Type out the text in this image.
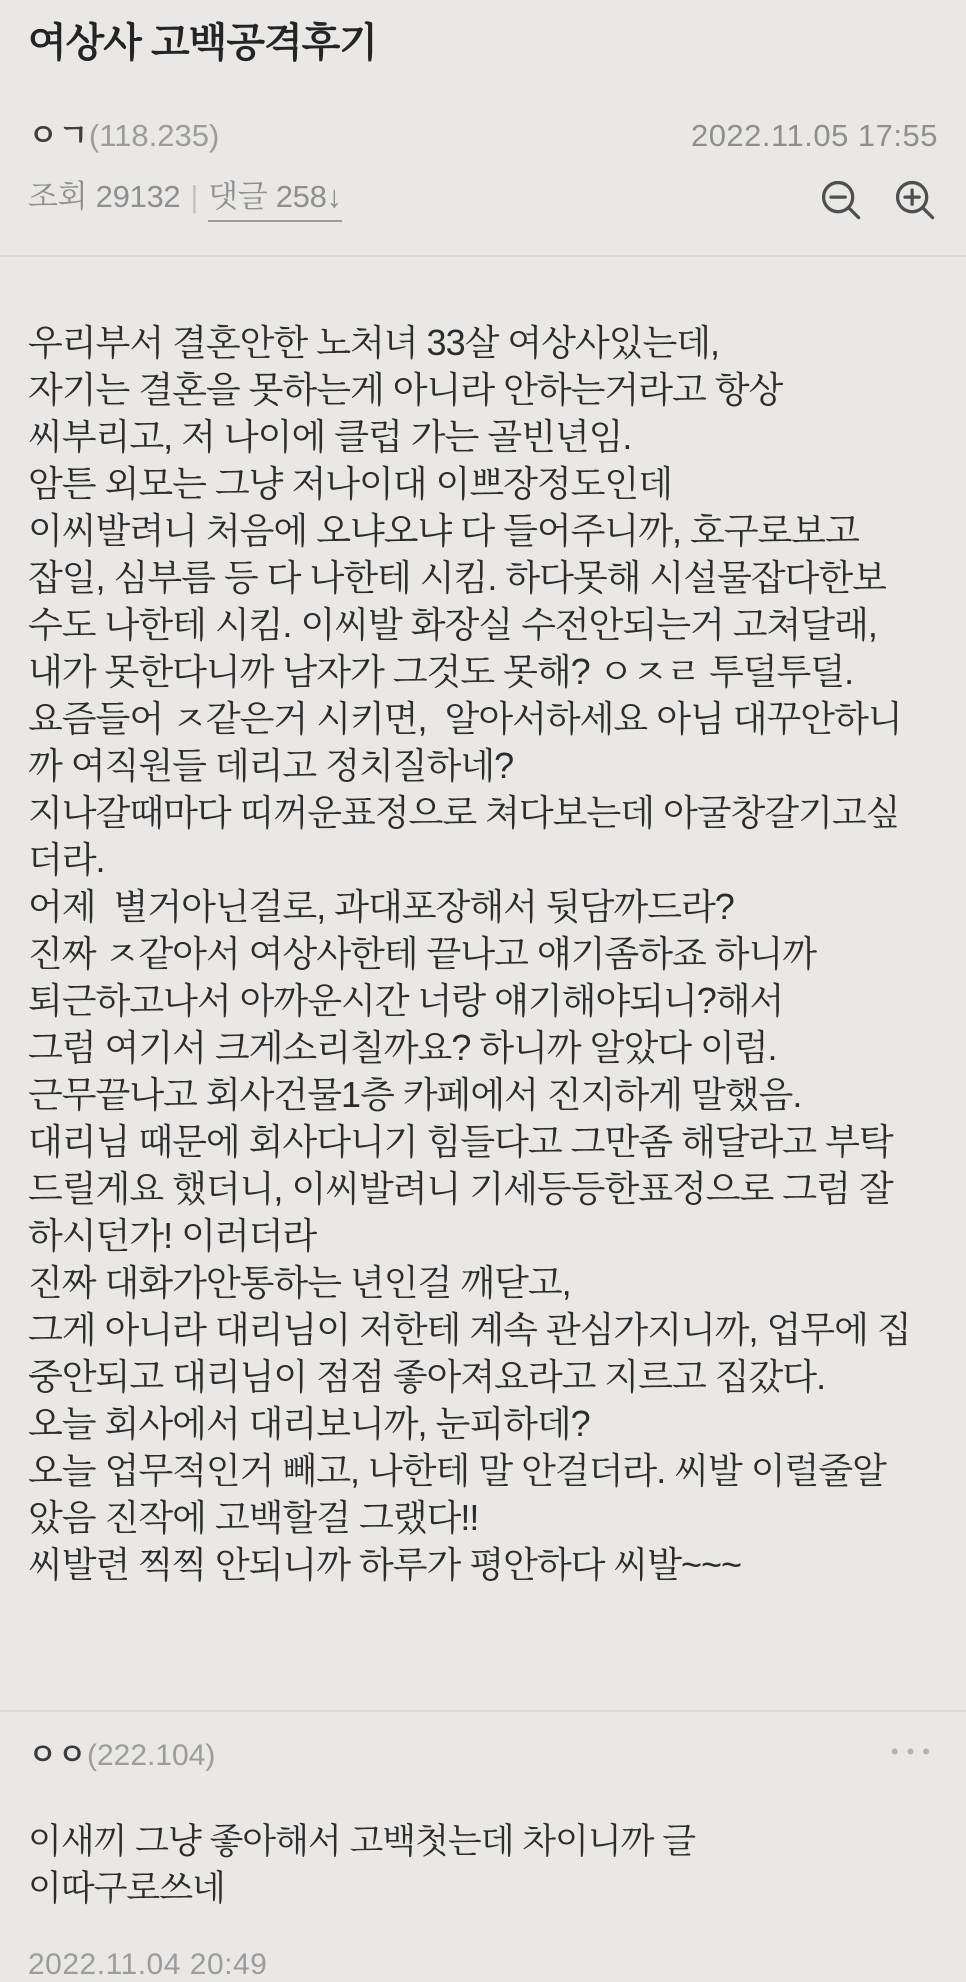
여상사 고백공격후기
ㅇㄱ(118.235)	2022.11.05 17:55
조회 29132 | 댓글 258↓
우리부서 결혼안한 노처녀 33살 여상사있는데,
자기는 결혼을 못하는게 아니라 안하는거라고 항상
씨부리고, 저 나이에 클럽 가는 골빈년임.
암튼 외모는 그냥 저나이대 이쁘장정도인데
이씨발려니 처음에 오냐오냐 다 들어주니까, 호구로보고
잡일, 심부름 등 다 나한테 시킴. 하다못해 시설물잡다한보
수도 나한테 시킴. 이씨발 화장실 수전안되는거 고쳐달래,
내가 못한다니까 남자가 그것도 못해? ㅇㅈㄹ 투덜투덜.
요즘들어 ㅈ같은거 시키면,  알아서하세요 아님 대꾸안하니
까 여직원들 데리고 정치질하네?
지나갈때마다 띠꺼운표정으로 쳐다보는데 아굴창갈기고싶
더라.
어제  별거아닌걸로, 과대포장해서 뒷담까드라?
진짜 ㅈ같아서 여상사한테 끝나고 얘기좀하죠 하니까
퇴근하고나서 아까운시간 너랑 얘기해야되니?해서
그럼 여기서 크게소리칠까요? 하니까 알았다 이럼.
근무끝나고 회사건물1층 카페에서 진지하게 말했음.
대리님 때문에 회사다니기 힘들다고 그만좀 해달라고 부탁
드릴게요 했더니, 이씨발려니 기세등등한표정으로 그럼 잘
하시던가! 이러더라
진짜 대화가안통하는 년인걸 깨닫고,
그게 아니라 대리님이 저한테 계속 관심가지니까, 업무에 집
중안되고 대리님이 점점 좋아져요라고 지르고 집갔다.
오늘 회사에서 대리보니까, 눈피하데?
오늘 업무적인거 빼고, 나한테 말 안걸더라. 씨발 이럴줄알
았음 진작에 고백할걸 그랬다!!
씨발련 찍찍 안되니까 하루가 평안하다 씨발~~~
ㅇㅇ(222.104)	•••
이새끼 그냥 좋아해서 고백첫는데 차이니까 글
이따구로쓰네
2022.11.04 20:49
